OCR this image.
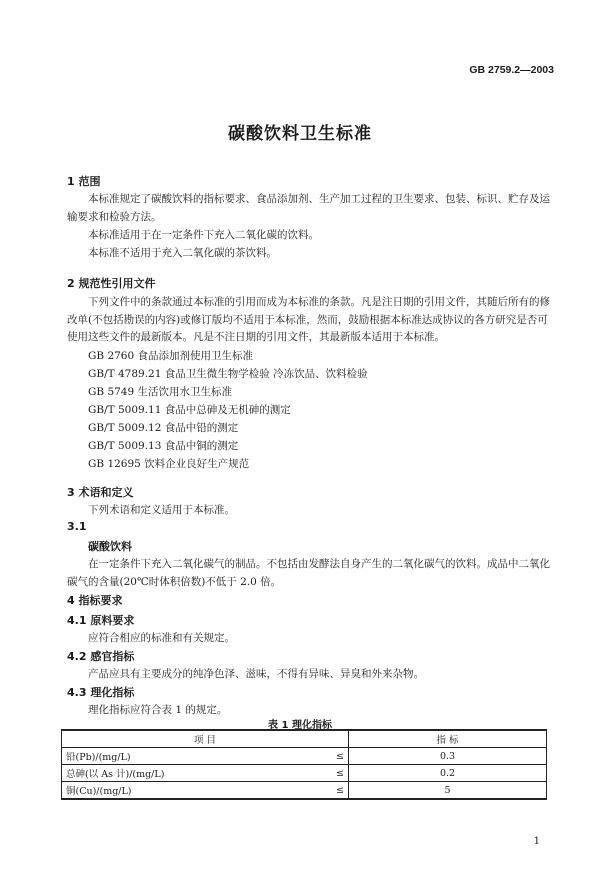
GB 2759.2—2003
碳酸饮料卫生标准
1 范围
本标准规定了碳酸饮料的指标要求、食品添加剂、生产加工过程的卫生要求、包装、标识、贮存及运输要求和检验方法。
本标准适用于在一定条件下充入二氧化碳的饮料。
本标准不适用于充入二氧化碳的茶饮料。
2 规范性引用文件
下列文件中的条款通过本标准的引用而成为本标准的条款。凡是注日期的引用文件，其随后所有的修改单(不包括勘误的内容)或修订版均不适用于本标准，然而，鼓励根据本标准达成协议的各方研究是否可使用这些文件的最新版本。凡是不注日期的引用文件，其最新版本适用于本标准。
GB 2760 食品添加剂使用卫生标准
GB/T 4789.21 食品卫生微生物学检验 冷冻饮品、饮料检验
GB 5749 生活饮用水卫生标准
GB/T 5009.11 食品中总砷及无机砷的测定
GB/T 5009.12 食品中铅的测定
GB/T 5009.13 食品中铜的测定
GB 12695 饮料企业良好生产规范
3 术语和定义
下列术语和定义适用于本标准。
3.1
碳酸饮料
在一定条件下充入二氧化碳气的制品。不包括由发酵法自身产生的二氧化碳气的饮料。成品中二氧化碳气的含量(20℃时体积倍数)不低于 2.0 倍。
4 指标要求
4.1 原料要求
应符合相应的标准和有关规定。
4.2 感官指标
产品应具有主要成分的纯净色泽、滋味，不得有异味、异臭和外来杂物。
4.3 理化指标
理化指标应符合表 1 的规定。
表 1 理化指标
项 目		指 标
铅(Pb)/(mg/L)	≤	0.3
总砷(以 As 计)/(mg/L)	≤	0.2
铜(Cu)/(mg/L)	≤	5
1
